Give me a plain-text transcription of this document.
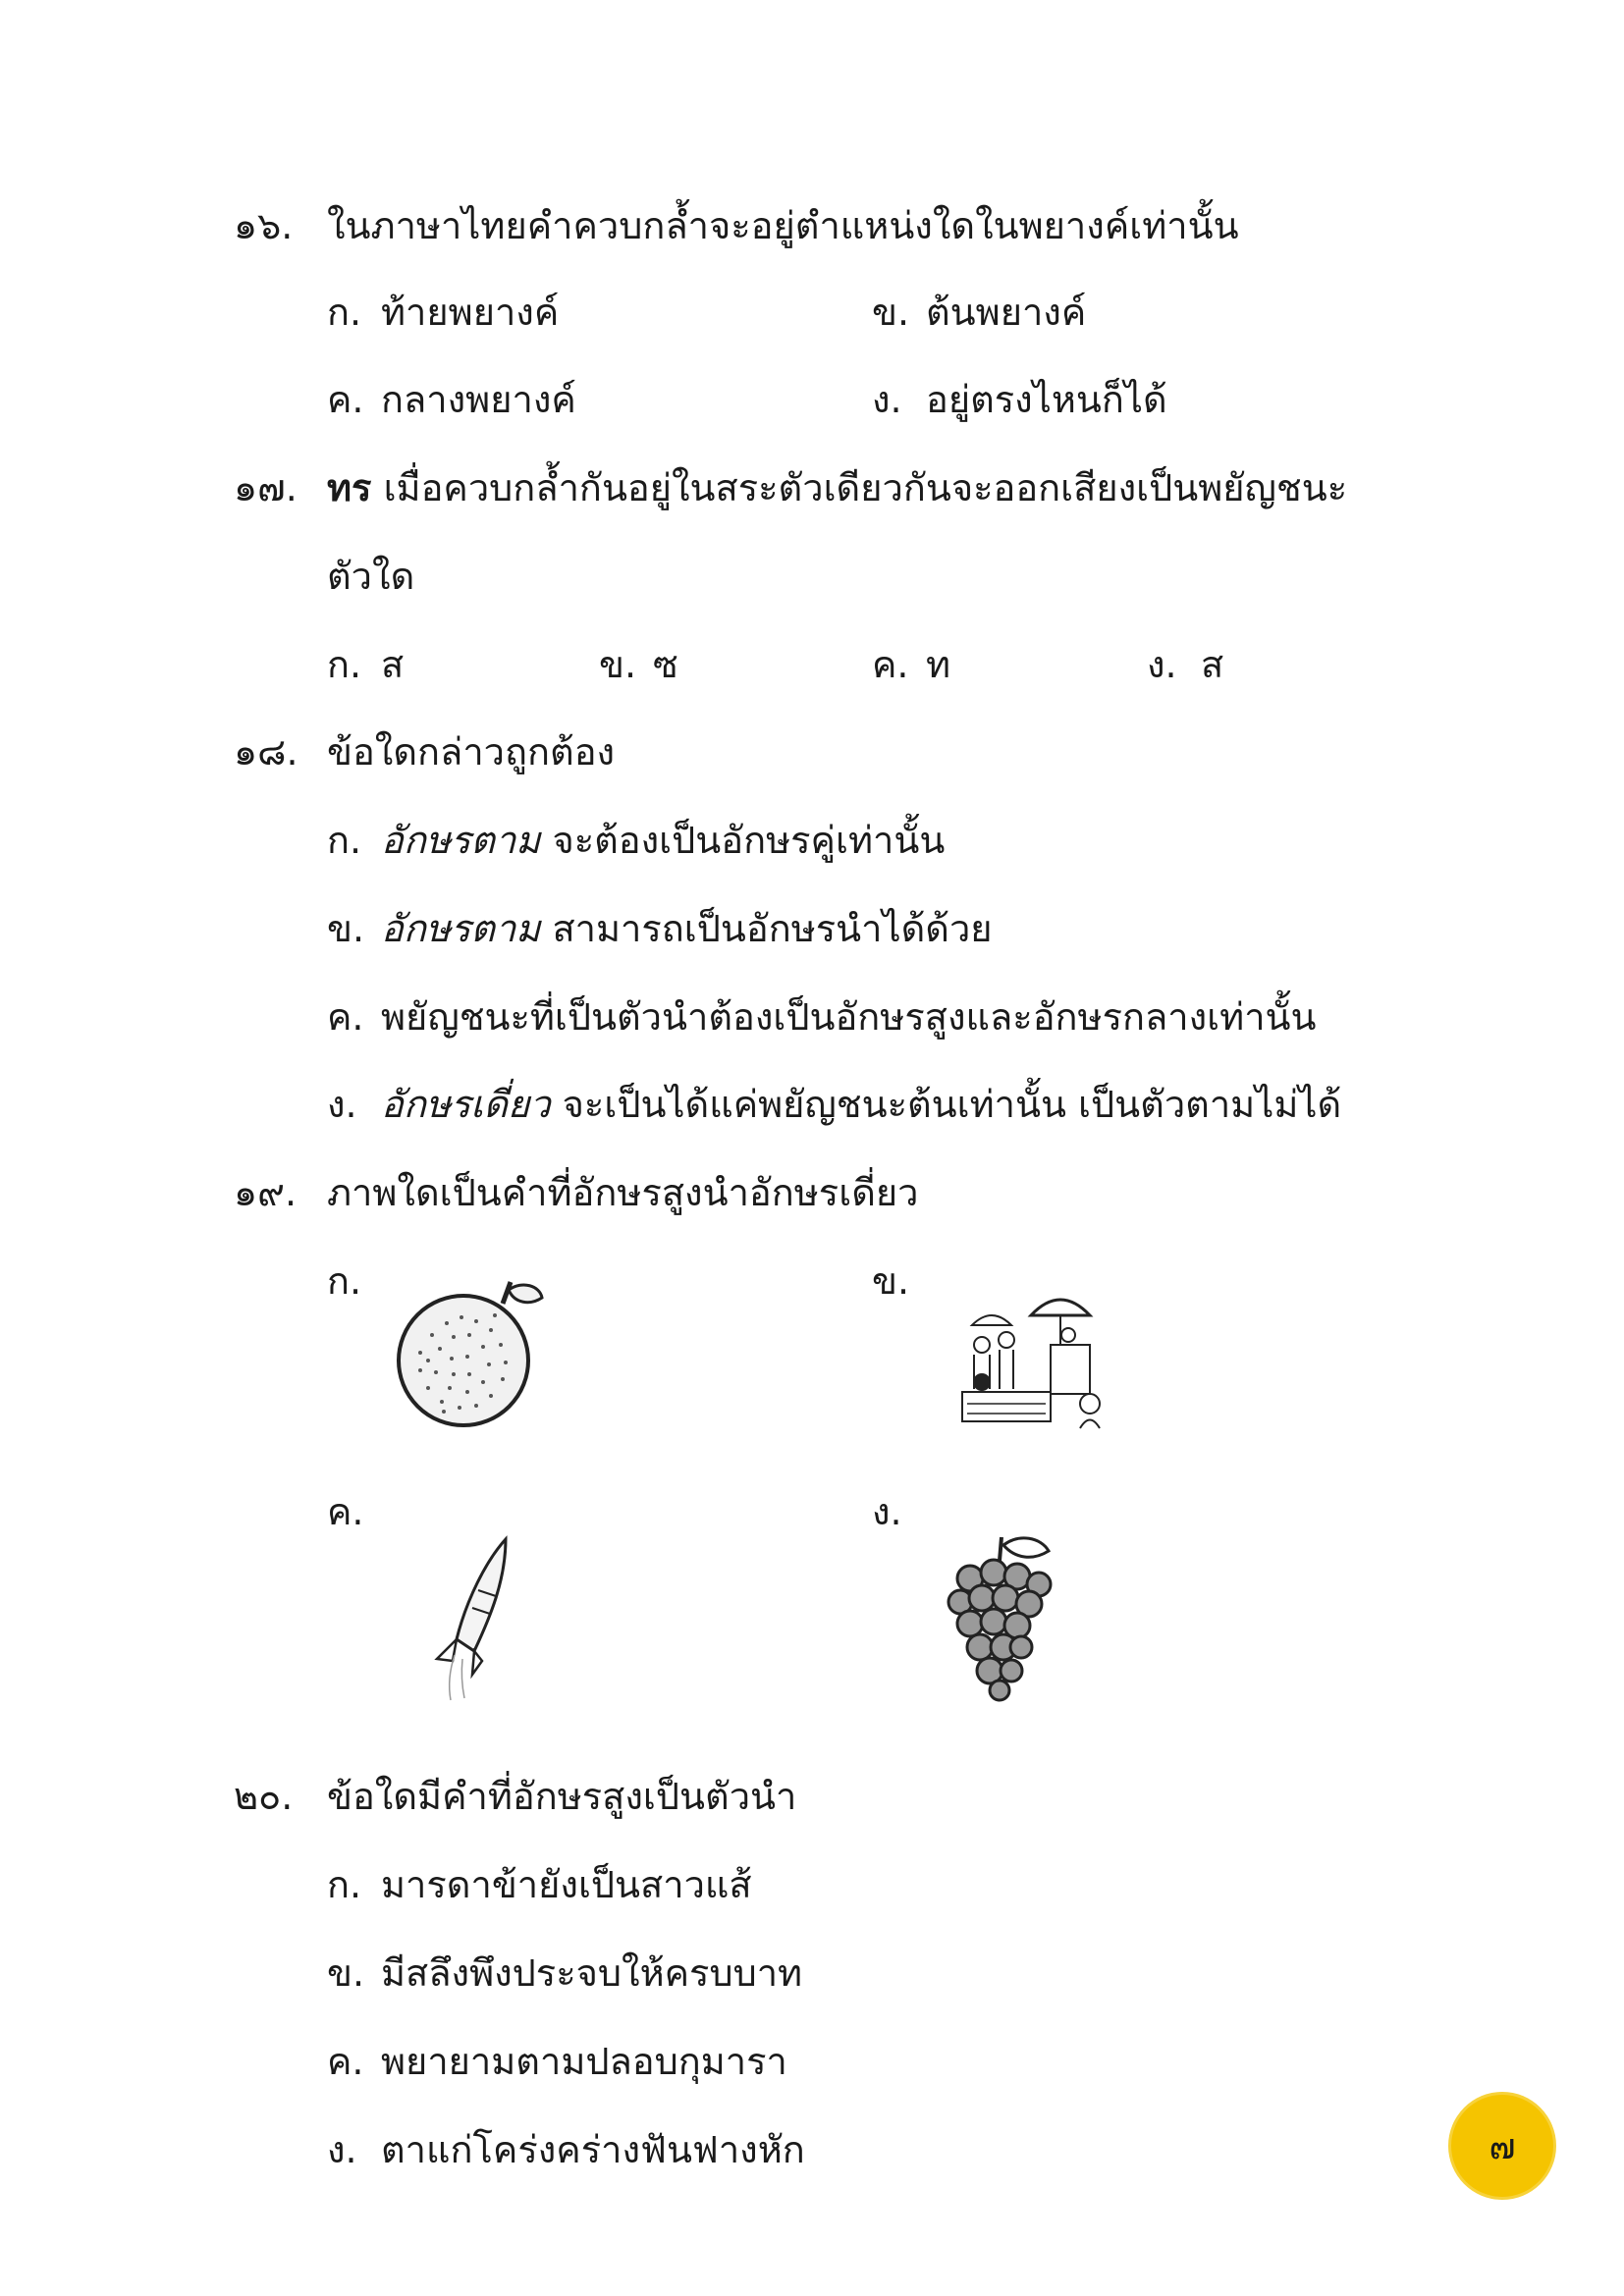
๑๖. ในภาษาไทยคำควบกล้ำจะอยู่ตำแหน่งใดในพยางค์เท่านั้น
ก. ท้ายพยางค์	ข. ต้นพยางค์
ค. กลางพยางค์	ง. อยู่ตรงไหนก็ได้
๑๗. ทร เมื่อควบกล้ำกันอยู่ในสระตัวเดียวกันจะออกเสียงเป็นพยัญชนะ
ตัวใด
ก. ส	ข. ซ	ค. ท	ง. ส
๑๘. ข้อใดกล่าวถูกต้อง
ก. อักษรตาม จะต้องเป็นอักษรคู่เท่านั้น
ข. อักษรตาม สามารถเป็นอักษรนำได้ด้วย
ค. พยัญชนะที่เป็นตัวนำต้องเป็นอักษรสูงและอักษรกลางเท่านั้น
ง. อักษรเดี่ยว จะเป็นได้แค่พยัญชนะต้นเท่านั้น เป็นตัวตามไม่ได้
๑๙. ภาพใดเป็นคำที่อักษรสูงนำอักษรเดี่ยว
ก.	ข.
ค.	ง.
๒๐. ข้อใดมีคำที่อักษรสูงเป็นตัวนำ
ก. มารดาข้ายังเป็นสาวแส้
ข. มีสลึงพึงประจบให้ครบบาท
ค. พยายามตามปลอบกุมารา
ง. ตาแก่โคร่งคร่างฟันฟางหัก	๗
